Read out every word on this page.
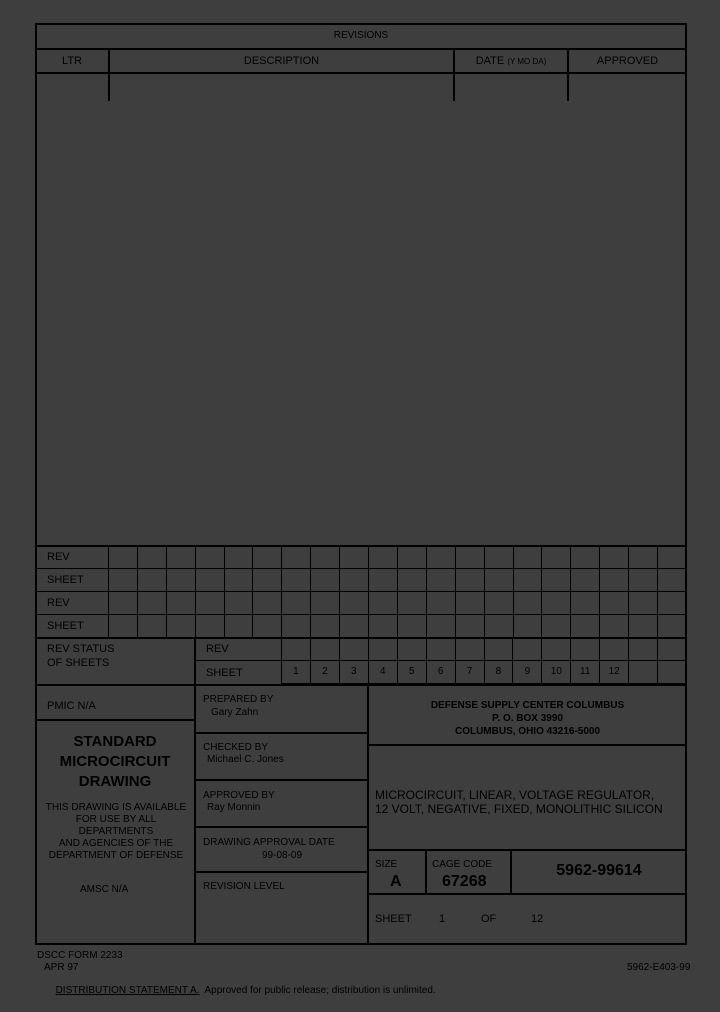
REVISIONS
LTR	DESCRIPTION	DATE (Y MO DA)	APPROVED
REV
SHEET
REV
SHEET
REV STATUS
OF SHEETS
REV
SHEET	1	2	3	4	5	6	7	8	9	10	11	12
PMIC N/A
STANDARD
MICROCIRCUIT
DRAWING
THIS DRAWING IS AVAILABLE
FOR USE BY ALL
DEPARTMENTS
AND AGENCIES OF THE
DEPARTMENT OF DEFENSE
AMSC N/A
PREPARED BY
Gary Zahn
CHECKED BY
Michael C. Jones
APPROVED BY
Ray Monnin
DRAWING APPROVAL DATE
99-08-09
REVISION LEVEL
DEFENSE SUPPLY CENTER COLUMBUS
P. O. BOX 3990
COLUMBUS, OHIO 43216-5000
MICROCIRCUIT, LINEAR, VOLTAGE REGULATOR,
12 VOLT, NEGATIVE, FIXED, MONOLITHIC SILICON
SIZE
A
CAGE CODE
67268
5962-99614
SHEET 1	OF	12
DSCC FORM 2233
APR 97	5962-E403-99

DISTRIBUTION STATEMENT A.  Approved for public release; distribution is unlimited.
